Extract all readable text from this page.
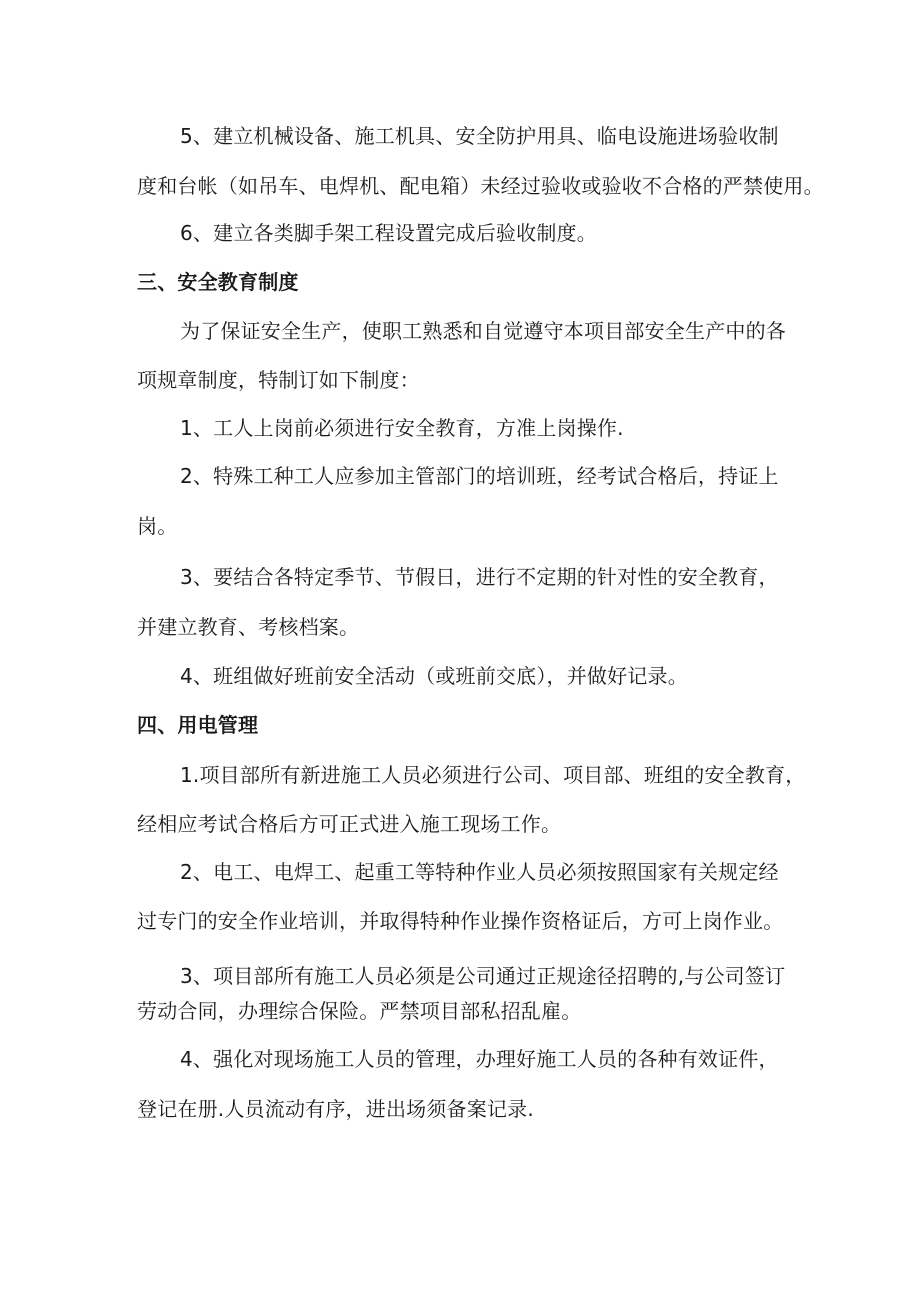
5、建立机械设备、施工机具、安全防护用具、临电设施进场验收制
度和台帐（如吊车、电焊机、配电箱）未经过验收或验收不合格的严禁使用。
6、建立各类脚手架工程设置完成后验收制度。
三、安全教育制度
为了保证安全生产，使职工熟悉和自觉遵守本项目部安全生产中的各
项规章制度，特制订如下制度：
1、工人上岗前必须进行安全教育，方准上岗操作.
2、特殊工种工人应参加主管部门的培训班，经考试合格后，持证上
岗。
3、要结合各特定季节、节假日，进行不定期的针对性的安全教育，
并建立教育、考核档案。
4、班组做好班前安全活动（或班前交底），并做好记录。
四、用电管理
1.项目部所有新进施工人员必须进行公司、项目部、班组的安全教育，
经相应考试合格后方可正式进入施工现场工作。
2、电工、电焊工、起重工等特种作业人员必须按照国家有关规定经
过专门的安全作业培训，并取得特种作业操作资格证后，方可上岗作业。
3、项目部所有施工人员必须是公司通过正规途径招聘的,与公司签订
劳动合同，办理综合保险。严禁项目部私招乱雇。
4、强化对现场施工人员的管理，办理好施工人员的各种有效证件，
登记在册.人员流动有序，进出场须备案记录.
